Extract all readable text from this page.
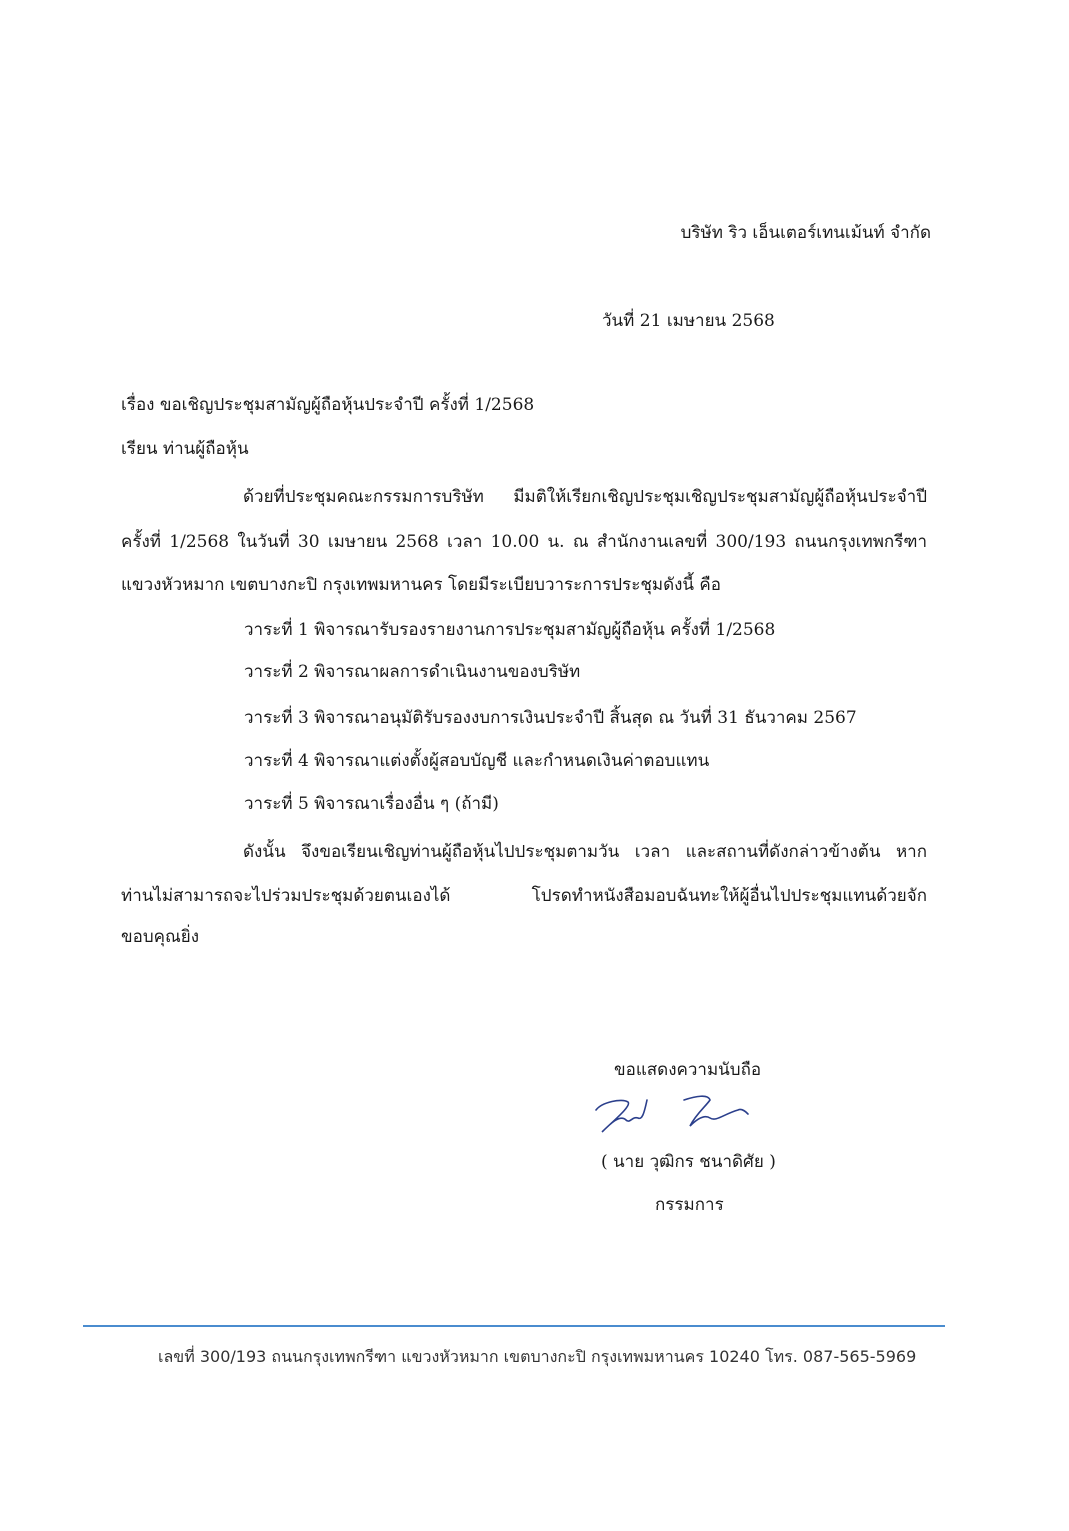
บริษัท ริว เอ็นเตอร์เทนเม้นท์ จำกัด
วันที่ 21 เมษายน 2568
เรื่อง ขอเชิญประชุมสามัญผู้ถือหุ้นประจำปี ครั้งที่ 1/2568
เรียน ท่านผู้ถือหุ้น
ด้วยที่ประชุมคณะกรรมการบริษัท มีมติให้เรียกเชิญประชุมเชิญประชุมสามัญผู้ถือหุ้นประจำปี
ครั้งที่ 1/2568 ในวันที่ 30 เมษายน 2568 เวลา 10.00 น. ณ สำนักงานเลขที่ 300/193 ถนนกรุงเทพกรีฑา
แขวงหัวหมาก เขตบางกะปิ กรุงเทพมหานคร โดยมีระเบียบวาระการประชุมดังนี้ คือ
วาระที่ 1 พิจารณารับรองรายงานการประชุมสามัญผู้ถือหุ้น ครั้งที่ 1/2568
วาระที่ 2 พิจารณาผลการดำเนินงานของบริษัท
วาระที่ 3 พิจารณาอนุมัติรับรองงบการเงินประจำปี สิ้นสุด ณ วันที่ 31 ธันวาคม 2567
วาระที่ 4 พิจารณาแต่งตั้งผู้สอบบัญชี และกำหนดเงินค่าตอบแทน
วาระที่ 5 พิจารณาเรื่องอื่น ๆ (ถ้ามี)
ดังนั้น จึงขอเรียนเชิญท่านผู้ถือหุ้นไปประชุมตามวัน เวลา และสถานที่ดังกล่าวข้างต้น หาก
ท่านไม่สามารถจะไปร่วมประชุมด้วยตนเองได้ โปรดทำหนังสือมอบฉันทะให้ผู้อื่นไปประชุมแทนด้วยจัก
ขอบคุณยิ่ง
ขอแสดงความนับถือ
( นาย วุฒิกร ชนาดิศัย )
กรรมการ
เลขที่ 300/193 ถนนกรุงเทพกรีฑา แขวงหัวหมาก เขตบางกะปิ กรุงเทพมหานคร 10240 โทร. 087-565-5969
